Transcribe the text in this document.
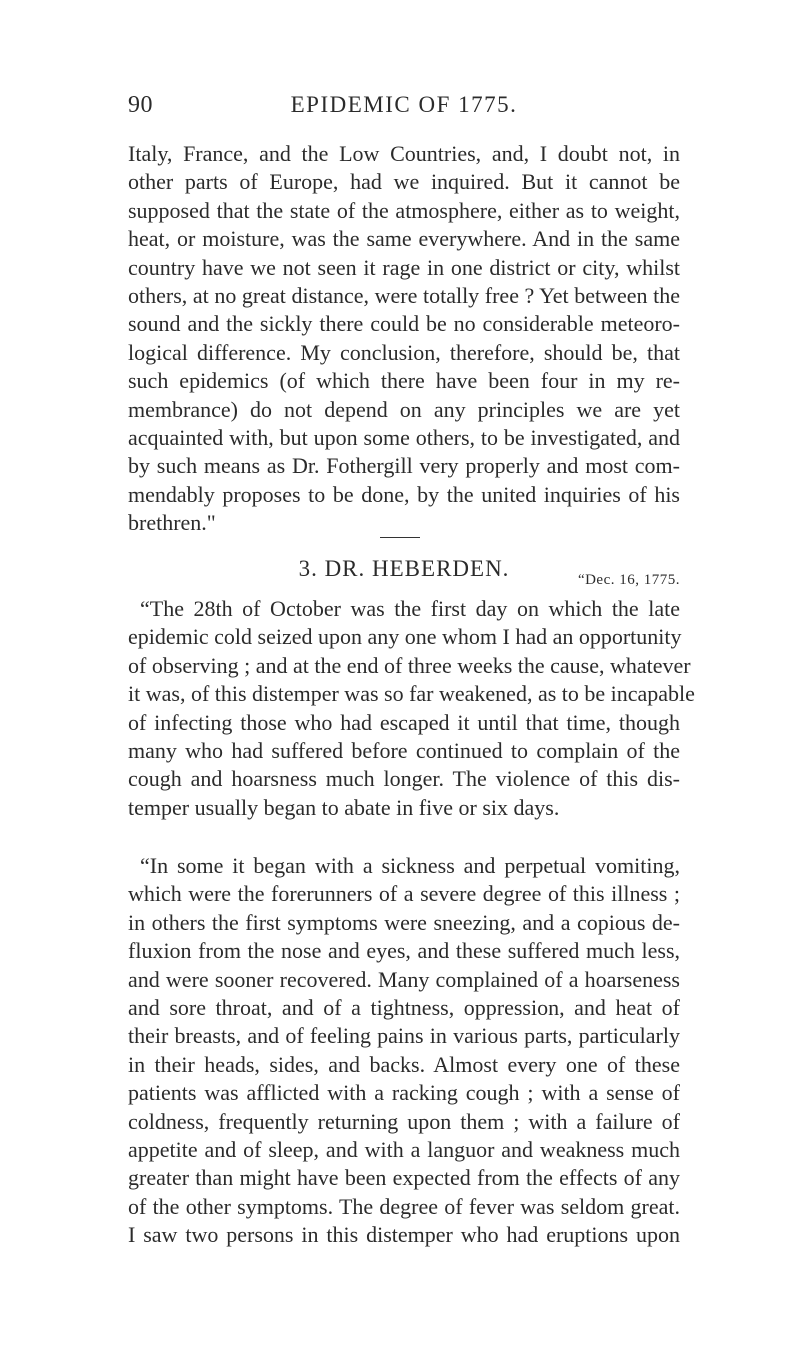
90	EPIDEMIC OF 1775.
Italy, France, and the Low Countries, and, I doubt not, in
other parts of Europe, had we inquired. But it cannot be
supposed that the state of the atmosphere, either as to weight,
heat, or moisture, was the same everywhere. And in the same
country have we not seen it rage in one district or city, whilst
others, at no great distance, were totally free ? Yet between the
sound and the sickly there could be no considerable meteoro-
logical difference. My conclusion, therefore, should be, that
such epidemics (of which there have been four in my re-
membrance) do not depend on any principles we are yet
acquainted with, but upon some others, to be investigated, and
by such means as Dr. Fothergill very properly and most com-
mendably proposes to be done, by the united inquiries of his
brethren."
3. DR. HEBERDEN.	“Dec. 16, 1775.
“The 28th of October was the first day on which the late
epidemic cold seized upon any one whom I had an opportunity
of observing ; and at the end of three weeks the cause, whatever
it was, of this distemper was so far weakened, as to be incapable
of infecting those who had escaped it until that time, though
many who had suffered before continued to complain of the
cough and hoarsness much longer. The violence of this dis-
temper usually began to abate in five or six days.
“In some it began with a sickness and perpetual vomiting,
which were the forerunners of a severe degree of this illness ;
in others the first symptoms were sneezing, and a copious de-
fluxion from the nose and eyes, and these suffered much less,
and were sooner recovered. Many complained of a hoarseness
and sore throat, and of a tightness, oppression, and heat of
their breasts, and of feeling pains in various parts, particularly
in their heads, sides, and backs. Almost every one of these
patients was afflicted with a racking cough ; with a sense of
coldness, frequently returning upon them ; with a failure of
appetite and of sleep, and with a languor and weakness much
greater than might have been expected from the effects of any
of the other symptoms. The degree of fever was seldom great.
I saw two persons in this distemper who had eruptions upon
